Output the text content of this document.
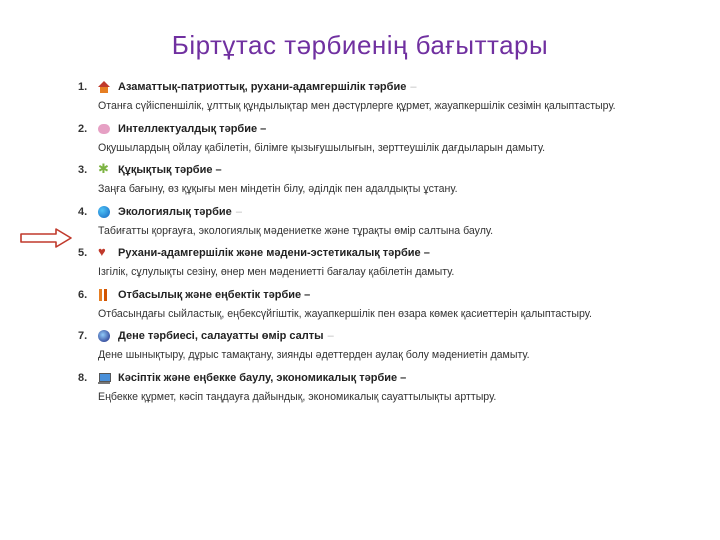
Біртұтас тәрбиенің бағыттары
1.	Азаматтық-патриоттық, рухани-адамгершілік тәрбие –
Отанға сүйіспеншілік, ұлттық құндылықтар мен дәстүрлерге құрмет, жауапкершілік сезімін қалыптастыру.
2.	Интеллектуалдық тәрбие –
Оқушылардың ойлау қабілетін, білімге қызығушылығын, зерттеушілік дағдыларын дамыту.
3. ✱ Құқықтық тәрбие –
Заңға бағыну, өз құқығы мен міндетін білу, әділдік пен адалдықты ұстану.
4.	Экологиялық тәрбие –
Табиғатты қорғауға, экологиялық мәдениетке және тұрақты өмір салтына баулу.
5. ♥ Рухани-адамгершілік және мәдени-эстетикалық тәрбие –
Ізгілік, сұлулықты сезіну, өнер мен мәдениетті бағалау қабілетін дамыту.
6.	Отбасылық және еңбектік тәрбие –
Отбасындағы сыйластық, еңбексүйгіштік, жауапкершілік пен өзара көмек қасиеттерін қалыптастыру.
7.	Дене тәрбиесі, салауатты өмір салты –
Дене шынықтыру, дұрыс тамақтану, зиянды әдеттерден аулақ болу мәдениетін дамыту.
8.	Кәсіптік және еңбекке баулу, экономикалық тәрбие –
Еңбекке құрмет, кәсіп таңдауға дайындық, экономикалық сауаттылықты арттыру.
